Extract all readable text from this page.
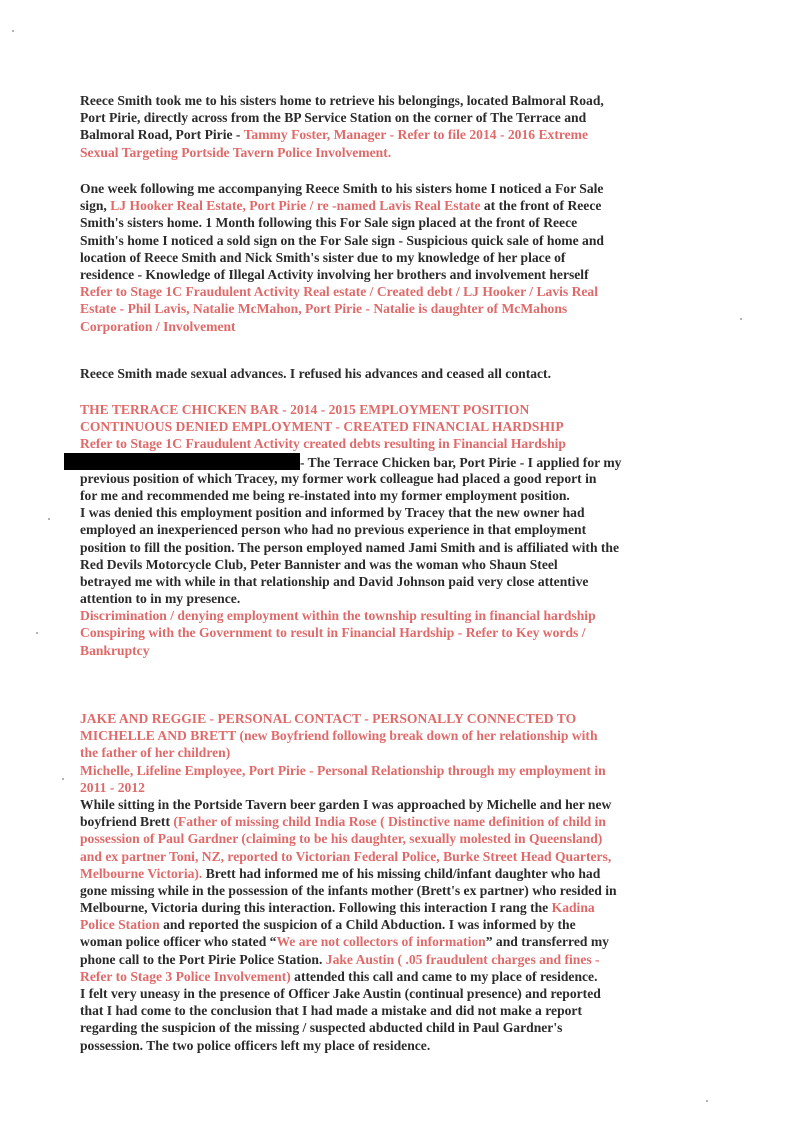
Reece Smith took me to his sisters home to retrieve his belongings, located Balmoral Road,
Port Pirie, directly across from the BP Service Station on the corner of The Terrace and
Balmoral Road, Port Pirie - Tammy Foster, Manager - Refer to file 2014 - 2016 Extreme
Sexual Targeting Portside Tavern Police Involvement.
One week following me accompanying Reece Smith to his sisters home I noticed a For Sale
sign, LJ Hooker Real Estate, Port Pirie / re -named Lavis Real Estate at the front of Reece
Smith's sisters home. 1 Month following this For Sale sign placed at the front of Reece
Smith's home I noticed a sold sign on the For Sale sign - Suspicious quick sale of home and
location of Reece Smith and Nick Smith's sister due to my knowledge of her place of
residence - Knowledge of Illegal Activity involving her brothers and involvement herself
Refer to Stage 1C Fraudulent Activity Real estate / Created debt / LJ Hooker / Lavis Real
Estate - Phil Lavis, Natalie McMahon, Port Pirie - Natalie is daughter of McMahons
Corporation / Involvement
Reece Smith made sexual advances. I refused his advances and ceased all contact.
THE TERRACE CHICKEN BAR - 2014 - 2015 EMPLOYMENT POSITION
CONTINUOUS DENIED EMPLOYMENT - CREATED FINANCIAL HARDSHIP
Refer to Stage 1C Fraudulent Activity created debts resulting in Financial Hardship
- The Terrace Chicken bar, Port Pirie - I applied for my
previous position of which Tracey, my former work colleague had placed a good report in
for me and recommended me being re-instated into my former employment position.
I was denied this employment position and informed by Tracey that the new owner had
employed an inexperienced person who had no previous experience in that employment
position to fill the position. The person employed named Jami Smith and is affiliated with the
Red Devils Motorcycle Club, Peter Bannister and was the woman who Shaun Steel
betrayed me with while in that relationship and David Johnson paid very close attentive
attention to in my presence.
Discrimination / denying employment within the township resulting in financial hardship
Conspiring with the Government to result in Financial Hardship - Refer to Key words /
Bankruptcy
JAKE AND REGGIE - PERSONAL CONTACT - PERSONALLY CONNECTED TO
MICHELLE AND BRETT (new Boyfriend following break down of her relationship with
the father of her children)
Michelle, Lifeline Employee, Port Pirie - Personal Relationship through my employment in
2011 - 2012
While sitting in the Portside Tavern beer garden I was approached by Michelle and her new
boyfriend Brett (Father of missing child India Rose ( Distinctive name definition of child in
possession of Paul Gardner (claiming to be his daughter, sexually molested in Queensland)
and ex partner Toni, NZ, reported to Victorian Federal Police, Burke Street Head Quarters,
Melbourne Victoria). Brett had informed me of his missing child/infant daughter who had
gone missing while in the possession of the infants mother (Brett's ex partner) who resided in
Melbourne, Victoria during this interaction. Following this interaction I rang the Kadina
Police Station and reported the suspicion of a Child Abduction. I was informed by the
woman police officer who stated “We are not collectors of information” and transferred my
phone call to the Port Pirie Police Station. Jake Austin ( .05 fraudulent charges and fines -
Refer to Stage 3 Police Involvement) attended this call and came to my place of residence.
I felt very uneasy in the presence of Officer Jake Austin (continual presence) and reported
that I had come to the conclusion that I had made a mistake and did not make a report
regarding the suspicion of the missing / suspected abducted child in Paul Gardner's
possession. The two police officers left my place of residence.
